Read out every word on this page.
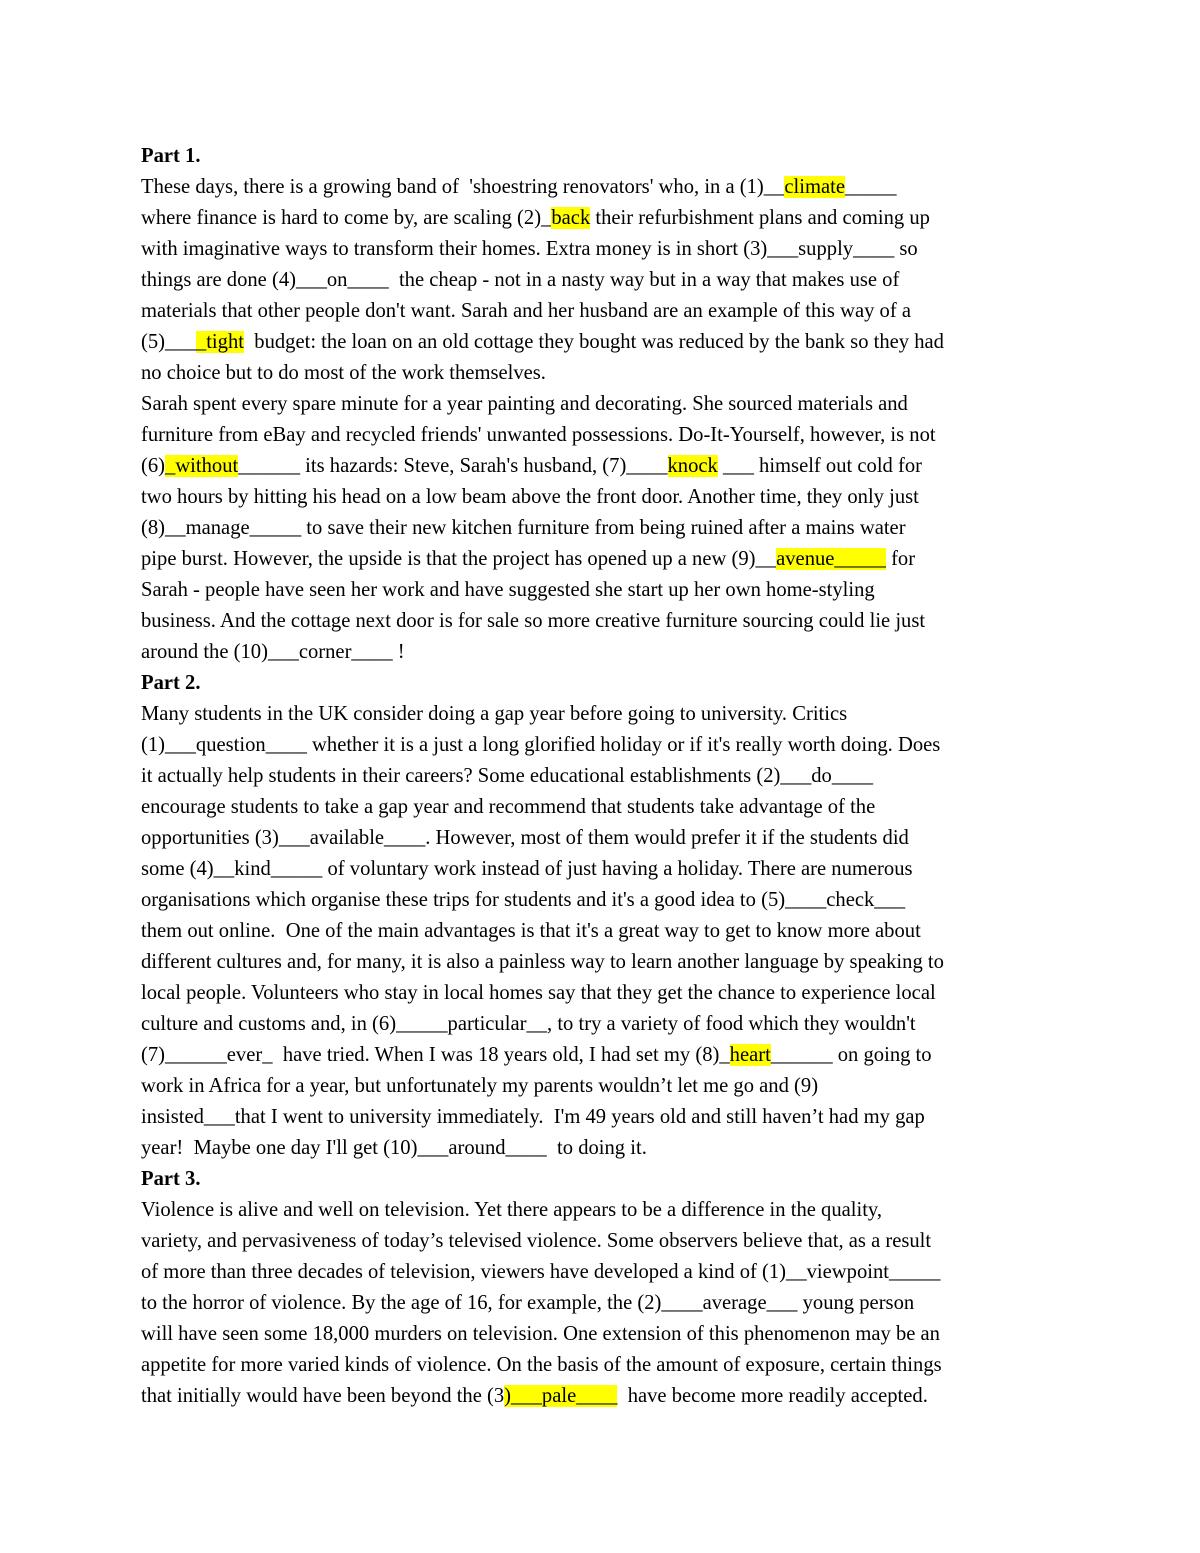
Part 1.
These days, there is a growing band of  'shoestring renovators' who, in a (1)__climate_____
where finance is hard to come by, are scaling (2)_back their refurbishment plans and coming up
with imaginative ways to transform their homes. Extra money is in short (3)___supply____ so
things are done (4)___on____  the cheap - not in a nasty way but in a way that makes use of
materials that other people don't want. Sarah and her husband are an example of this way of a
(5)____tight  budget: the loan on an old cottage they bought was reduced by the bank so they had
no choice but to do most of the work themselves.
Sarah spent every spare minute for a year painting and decorating. She sourced materials and
furniture from eBay and recycled friends' unwanted possessions. Do-It-Yourself, however, is not
(6)_without______ its hazards: Steve, Sarah's husband, (7)____knock ___ himself out cold for
two hours by hitting his head on a low beam above the front door. Another time, they only just
(8)__manage_____ to save their new kitchen furniture from being ruined after a mains water
pipe burst. However, the upside is that the project has opened up a new (9)__avenue_____ for
Sarah - people have seen her work and have suggested she start up her own home-styling
business. And the cottage next door is for sale so more creative furniture sourcing could lie just
around the (10)___corner____ !
Part 2.
Many students in the UK consider doing a gap year before going to university. Critics
(1)___question____ whether it is a just a long glorified holiday or if it's really worth doing. Does
it actually help students in their careers? Some educational establishments (2)___do____
encourage students to take a gap year and recommend that students take advantage of the
opportunities (3)___available____. However, most of them would prefer it if the students did
some (4)__kind_____ of voluntary work instead of just having a holiday. There are numerous
organisations which organise these trips for students and it's a good idea to (5)____check___
them out online.  One of the main advantages is that it's a great way to get to know more about
different cultures and, for many, it is also a painless way to learn another language by speaking to
local people. Volunteers who stay in local homes say that they get the chance to experience local
culture and customs and, in (6)_____particular__, to try a variety of food which they wouldn't
(7)______ever_  have tried. When I was 18 years old, I had set my (8)_heart______ on going to
work in Africa for a year, but unfortunately my parents wouldn’t let me go and (9)
insisted___that I went to university immediately.  I'm 49 years old and still haven’t had my gap
year!  Maybe one day I'll get (10)___around____  to doing it.
Part 3.
Violence is alive and well on television. Yet there appears to be a difference in the quality,
variety, and pervasiveness of today’s televised violence. Some observers believe that, as a result
of more than three decades of television, viewers have developed a kind of (1)__viewpoint_____
to the horror of violence. By the age of 16, for example, the (2)____average___ young person
will have seen some 18,000 murders on television. One extension of this phenomenon may be an
appetite for more varied kinds of violence. On the basis of the amount of exposure, certain things
that initially would have been beyond the (3)___pale____  have become more readily accepted.
